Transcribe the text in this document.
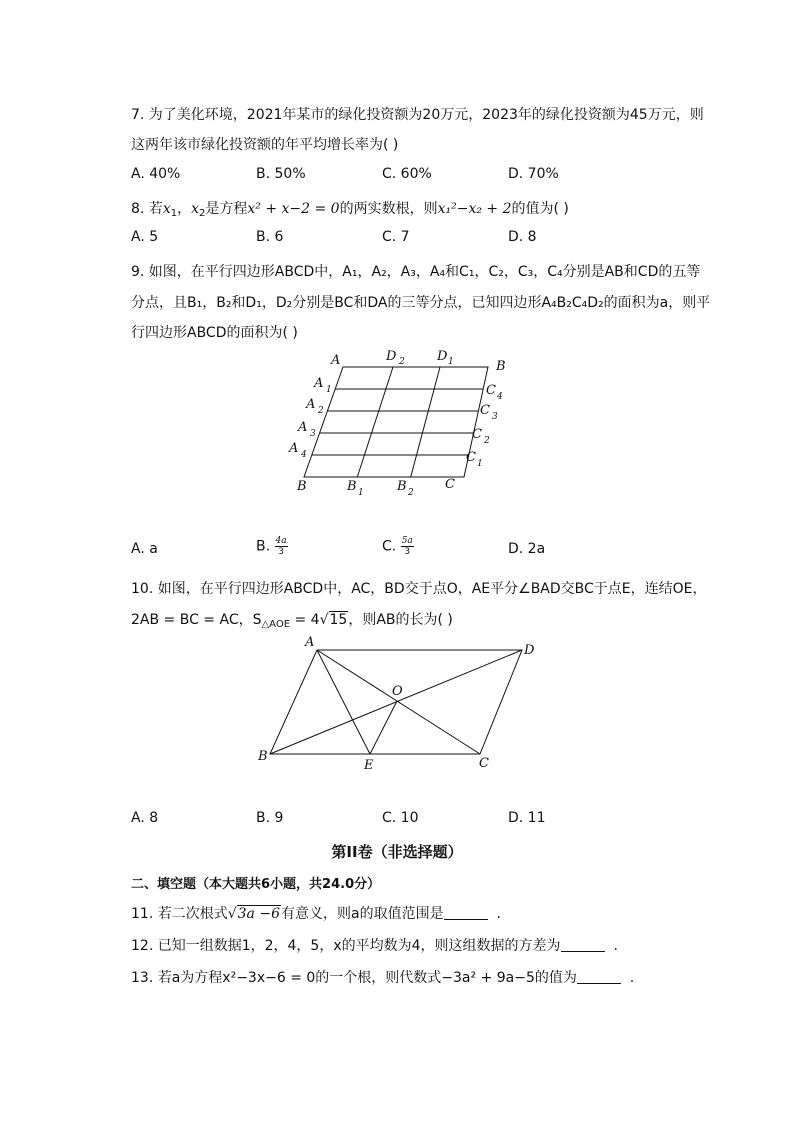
7. 为了美化环境，2021年某市的绿化投资额为20万元，2023年的绿化投资额为45万元，则
这两年该市绿化投资额的年平均增长率为( )
A. 40%	B. 50%	C. 60%	D. 70%
8. 若$x_1$，$x_2$是方程x² + x−2 = 0的两实数根，则x₁²−x₂ + 2的值为( )
A. 5	B. 6	C. 7	D. 8
9. 如图，在平行四边形ABCD中，A₁，A₂，A₃，A₄和C₁，C₂，C₃，C₄分别是AB和CD的五等
分点，且B₁，B₂和D₁，D₂分别是BC和DA的三等分点，已知四边形A₄B₂C₄D₂的面积为a，则平
行四边形ABCD的面积为( )
A	D 2 D 1	B
A 1
A 2
A 3
A 4
C 4
C 3
C 2
C 1
B	B 1	B 2
C
A. a	B. $\frac{4a}{3}$	C. $\frac{5a}{3}$	D. 2a
10. 如图，在平行四边形ABCD中，AC，BD交于点O，AE平分∠BAD交BC于点E，连结OE，
2AB = BC = AC，$S_{\triangle AOE} = 4√15$，则AB的长为( )
A
D
O
B
E	C
A. 8	B. 9	C. 10	D. 11
第II卷（非选择题）
二、填空题（本大题共6小题，共24.0分）
11. 若二次根式√3a −6有意义，则a的取值范围是	.
12. 已知一组数据1，2，4，5，x的平均数为4，则这组数据的方差为	.
13. 若a为方程x²−3x−6 = 0的一个根，则代数式−3a² + 9a−5的值为	.
